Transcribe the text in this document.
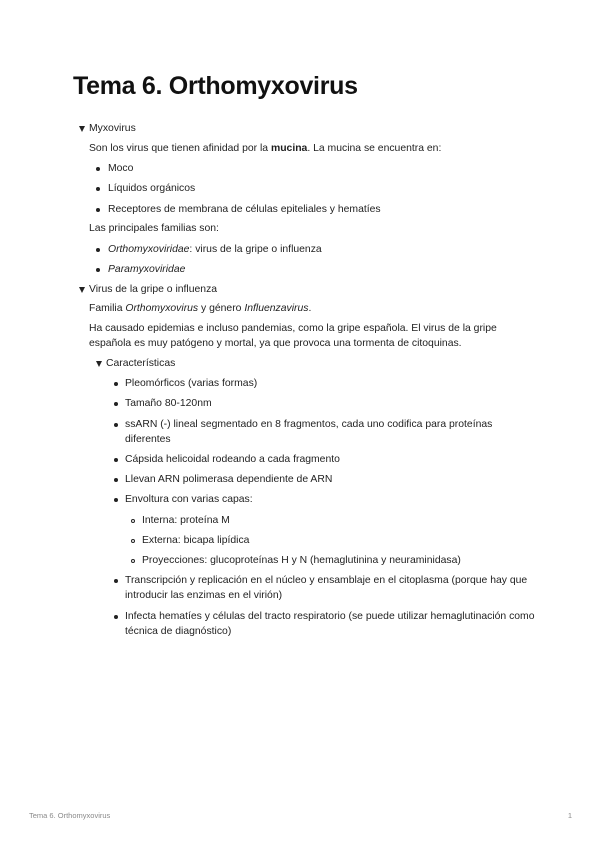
Tema 6. Orthomyxovirus
Myxovirus
Son los virus que tienen afinidad por la mucina. La mucina se encuentra en:
Moco
Líquidos orgánicos
Receptores de membrana de células epiteliales y hematíes
Las principales familias son:
Orthomyxoviridae: virus de la gripe o influenza
Paramyxoviridae
Virus de la gripe o influenza
Familia Orthomyxovirus y género Influenzavirus.
Ha causado epidemias e incluso pandemias, como la gripe española. El virus de la gripe española es muy patógeno y mortal, ya que provoca una tormenta de citoquinas.
Características
Pleomórficos (varias formas)
Tamaño 80-120nm
ssARN (-) lineal segmentado en 8 fragmentos, cada uno codifica para proteínas diferentes
Cápsida helicoidal rodeando a cada fragmento
Llevan ARN polimerasa dependiente de ARN
Envoltura con varias capas:
Interna: proteína M
Externa: bicapa lipídica
Proyecciones: glucoproteínas H y N (hemaglutinina y neuraminidasa)
Transcripción y replicación en el núcleo y ensamblaje en el citoplasma (porque hay que introducir las enzimas en el virión)
Infecta hematíes y células del tracto respiratorio (se puede utilizar hemaglutinación como técnica de diagnóstico)
Tema 6. Orthomyxovirus	1
